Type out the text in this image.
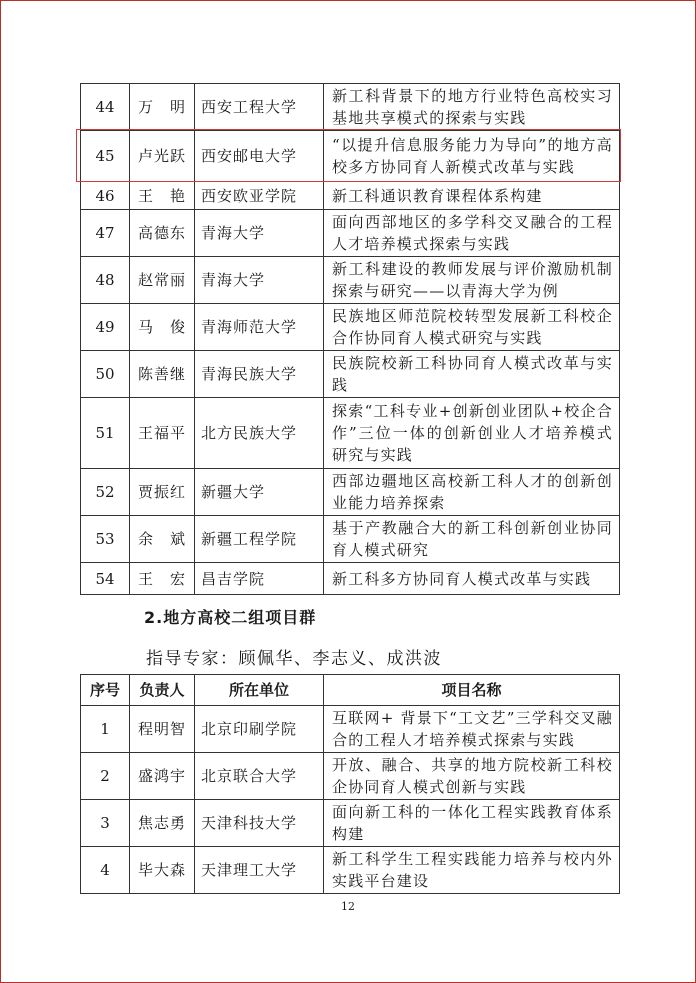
44	万　明	西安工程大学	新工科背景下的地方行业特色高校实习基地共享模式的探索与实践
45	卢光跃	西安邮电大学	“以提升信息服务能力为导向”的地方高校多方协同育人新模式改革与实践
46	王　艳	西安欧亚学院	新工科通识教育课程体系构建
47	高德东	青海大学	面向西部地区的多学科交叉融合的工程人才培养模式探索与实践
48	赵常丽	青海大学	新工科建设的教师发展与评价激励机制探索与研究——以青海大学为例
49	马　俊	青海师范大学	民族地区师范院校转型发展新工科校企合作协同育人模式研究与实践
50	陈善继	青海民族大学	民族院校新工科协同育人模式改革与实践
51	王福平	北方民族大学	探索“工科专业+创新创业团队+校企合作”三位一体的创新创业人才培养模式研究与实践
52	贾振红	新疆大学	西部边疆地区高校新工科人才的创新创业能力培养探索
53	余　斌	新疆工程学院	基于产教融合大的新工科创新创业协同育人模式研究
54	王　宏	昌吉学院	新工科多方协同育人模式改革与实践
2.地方高校二组项目群
指导专家：顾佩华、李志义、成洪波
序号	负责人	所在单位	项目名称
1	程明智	北京印刷学院	互联网+ 背景下“工文艺”三学科交叉融合的工程人才培养模式探索与实践
2	盛鸿宇	北京联合大学	开放、融合、共享的地方院校新工科校企协同育人模式创新与实践
3	焦志勇	天津科技大学	面向新工科的一体化工程实践教育体系构建
4	毕大森	天津理工大学	新工科学生工程实践能力培养与校内外实践平台建设
12
